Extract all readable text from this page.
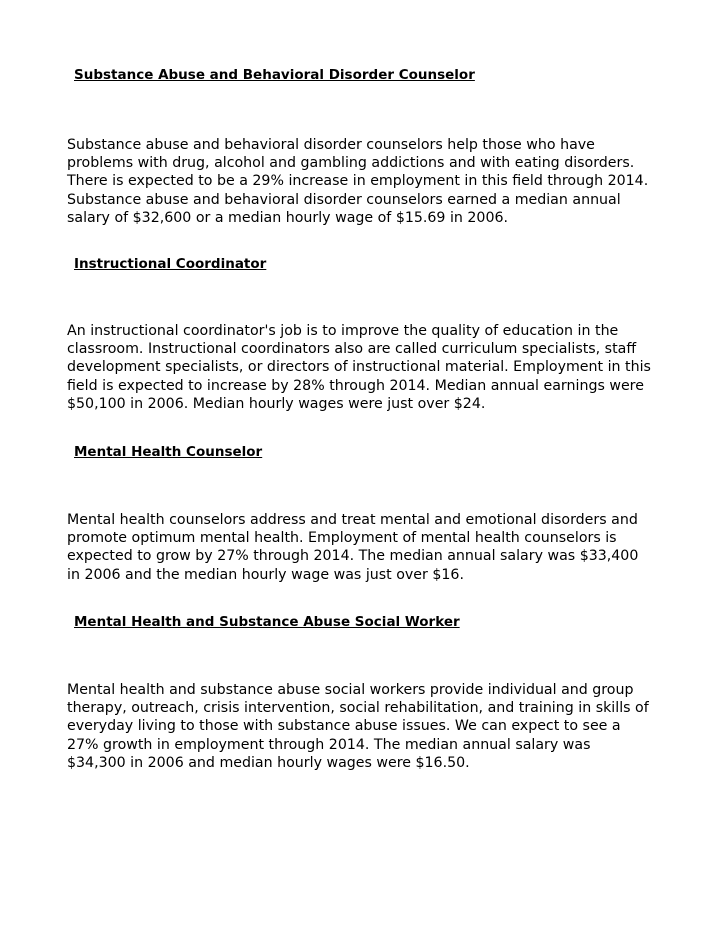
Substance Abuse and Behavioral Disorder Counselor

Substance abuse and behavioral disorder counselors help those who have
problems with drug, alcohol and gambling addictions and with eating disorders.
There is expected to be a 29% increase in employment in this field through 2014.
Substance abuse and behavioral disorder counselors earned a median annual
salary of $32,600 or a median hourly wage of $15.69 in 2006.

Instructional Coordinator

An instructional coordinator's job is to improve the quality of education in the
classroom. Instructional coordinators also are called curriculum specialists, staff
development specialists, or directors of instructional material. Employment in this
field is expected to increase by 28% through 2014. Median annual earnings were
$50,100 in 2006. Median hourly wages were just over $24.

Mental Health Counselor

Mental health counselors address and treat mental and emotional disorders and
promote optimum mental health. Employment of mental health counselors is
expected to grow by 27% through 2014. The median annual salary was $33,400
in 2006 and the median hourly wage was just over $16.

Mental Health and Substance Abuse Social Worker

Mental health and substance abuse social workers provide individual and group
therapy, outreach, crisis intervention, social rehabilitation, and training in skills of
everyday living to those with substance abuse issues. We can expect to see a
27% growth in employment through 2014. The median annual salary was
$34,300 in 2006 and median hourly wages were $16.50.
